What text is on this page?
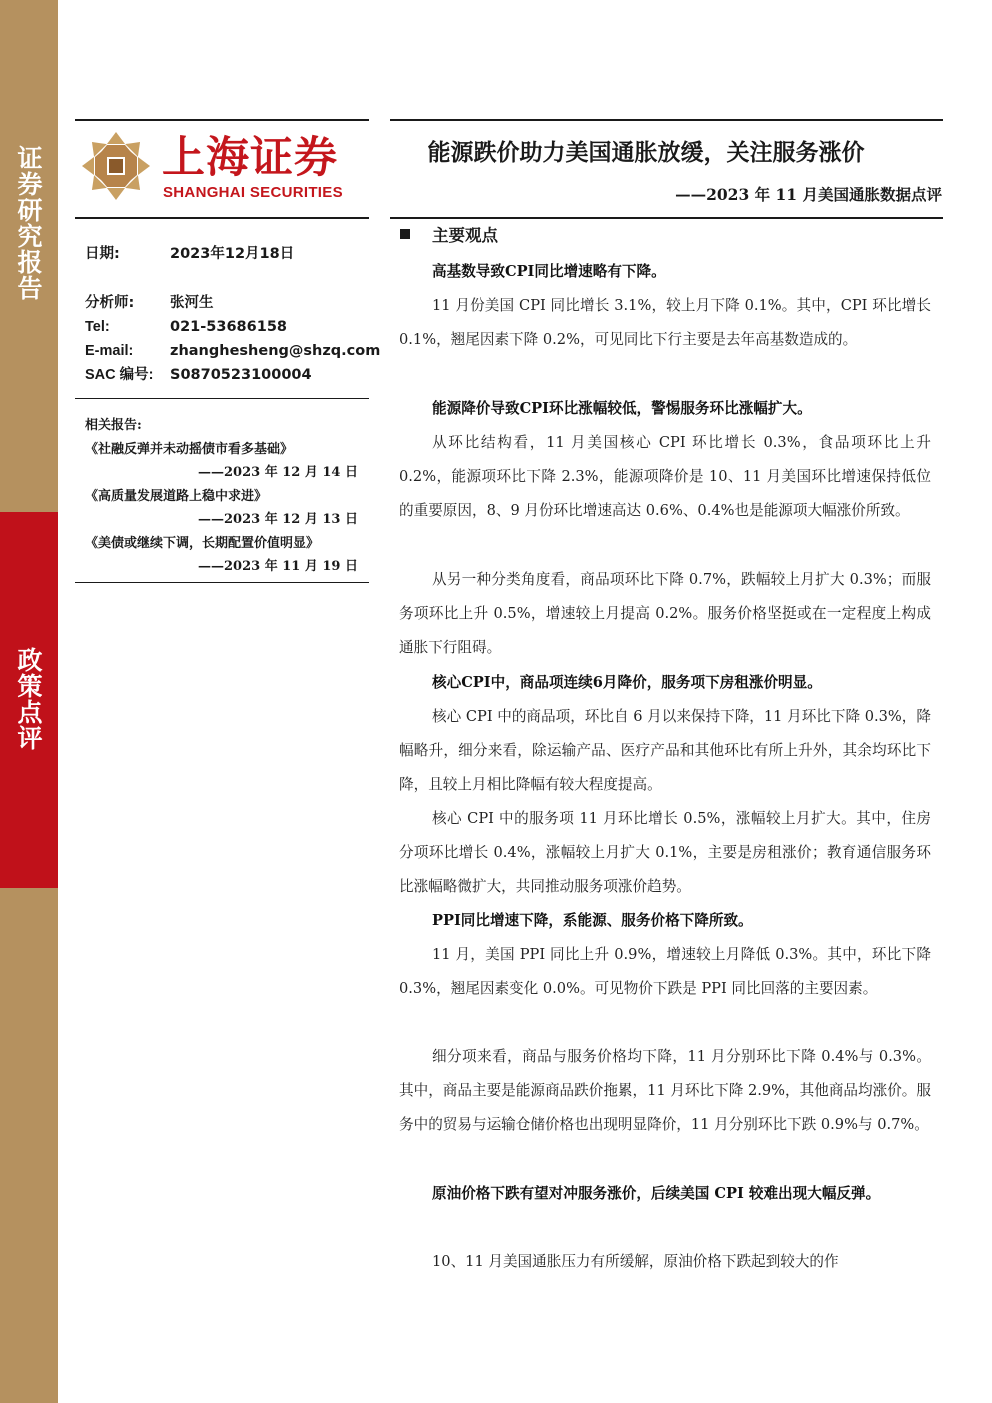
证券研究报告
政策点评
上海证券
SHANGHAI SECURITIES
能源跌价助力美国通胀放缓，关注服务涨价
——2023 年 11 月美国通胀数据点评
日期:	2023年12月18日
分析师: 张河生
Tel:	021-53686158
E-mail:	zhanghesheng@shzq.com
SAC 编号: S0870523100004
相关报告:
《社融反弹并未动摇债市看多基础》
——2023 年 12 月 14 日
《高质量发展道路上稳中求进》
——2023 年 12 月 13 日
《美债或继续下调，长期配置价值明显》
——2023 年 11 月 19 日
主要观点
高基数导致CPI同比增速略有下降。
11 月份美国 CPI 同比增长 3.1%，较上月下降 0.1%。其中，CPI 环比增长 0.1%，翘尾因素下降 0.2%，可见同比下行主要是去年高基数造成的。
能源降价导致CPI环比涨幅较低，警惕服务环比涨幅扩大。
从环比结构看，11 月美国核心 CPI 环比增长 0.3%，食品项环比上升 0.2%，能源项环比下降 2.3%，能源项降价是 10、11 月美国环比增速保持低位的重要原因，8、9 月份环比增速高达 0.6%、0.4%也是能源项大幅涨价所致。
从另一种分类角度看，商品项环比下降 0.7%，跌幅较上月扩大 0.3%；而服务项环比上升 0.5%，增速较上月提高 0.2%。服务价格坚挺或在一定程度上构成通胀下行阻碍。
核心CPI中，商品项连续6月降价，服务项下房租涨价明显。
核心 CPI 中的商品项，环比自 6 月以来保持下降，11 月环比下降 0.3%，降幅略升，细分来看，除运输产品、医疗产品和其他环比有所上升外，其余均环比下降，且较上月相比降幅有较大程度提高。
核心 CPI 中的服务项 11 月环比增长 0.5%，涨幅较上月扩大。其中，住房分项环比增长 0.4%，涨幅较上月扩大 0.1%，主要是房租涨价；教育通信服务环比涨幅略微扩大，共同推动服务项涨价趋势。
PPI同比增速下降，系能源、服务价格下降所致。
11 月，美国 PPI 同比上升 0.9%，增速较上月降低 0.3%。其中，环比下降 0.3%，翘尾因素变化 0.0%。可见物价下跌是 PPI 同比回落的主要因素。
细分项来看，商品与服务价格均下降，11 月分别环比下降 0.4%与 0.3%。其中，商品主要是能源商品跌价拖累，11 月环比下降 2.9%，其他商品均涨价。服务中的贸易与运输仓储价格也出现明显降价，11 月分别环比下跌 0.9%与 0.7%。
原油价格下跌有望对冲服务涨价，后续美国 CPI 较难出现大幅反弹。
10、11 月美国通胀压力有所缓解，原油价格下跌起到较大的作
